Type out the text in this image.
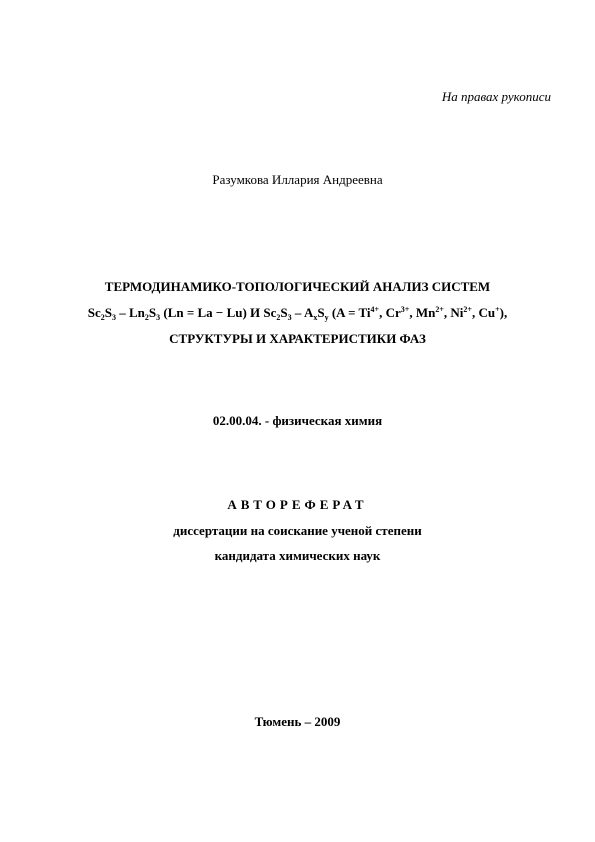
На правах рукописи
Разумкова Иллария Андреевна
ТЕРМОДИНАМИКО-ТОПОЛОГИЧЕСКИЙ АНАЛИЗ СИСТЕМ
$Sc_2S_3 - Ln_2S_3$ (Ln = La − Lu) И $Sc_2S_3 - A_xS_y$ ($A = Ti^{4+}$, $Cr^{3+}$, $Mn^{2+}$, $Ni^{2+}$, Cu+),
СТРУКТУРЫ И ХАРАКТЕРИСТИКИ ФАЗ
02.00.04. - физическая химия
АВТОРЕФЕРАТ
диссертации на соискание ученой степени
кандидата химических наук
Тюмень – 2009
